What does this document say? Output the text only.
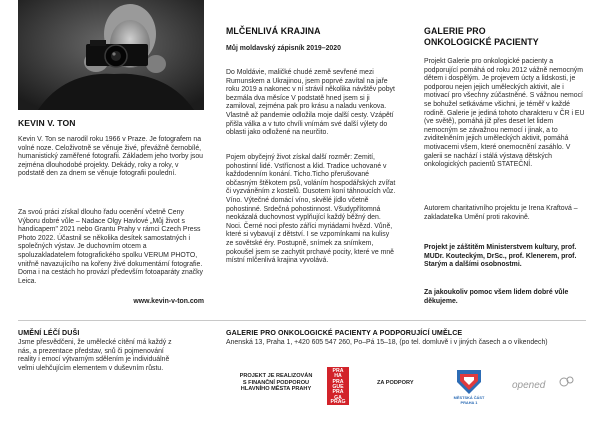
KEVIN V. TON

Kevin V. Ton se narodil roku 1966 v Praze. Je fotografem na volné noze. Celoživotně se věnuje živé, převážně černobílé, humanistický zaměřené fotografii. Základem jeho tvorby jsou zejména dlouhodobé projekty. Dekády, roky a roky, v podstatě den za dnem se věnuje fotografii poulední.

Za svoú práci získal dlouho řadu ocenění včetně Ceny Výboru dobré vůle – Nadace Olgy Havlové „Můj život s handicapem" 2021 nebo Grantu Prahy v rámci Czech Press Photo 2022. Účastnil se několika desítek samostatných i společných výstav. Je duchovním otcem a spoluzakladatelem fotografického spolku VERUM PHOTO, vnitřně navazujícího na kořeny živé dokumentární fotografie. Doma i na cestách ho provází především fotoaparáty značky Leica.

www.kevin-v-ton.com
MLČENLIVÁ KRAJINA
Můj moldavský zápisník 2019–2020

Do Moldávie, maličké chudé země sevřené mezi Rumunskem a Ukrajinou, jsem poprvé zavítal na jaře roku 2019 a nakonec v ní strávil několika návštěv pobyt bezmála dva měsíce V podstatě hned jsem si ji zamiloval, zejména pak pro krásu a naladu venkova. Vlastně až pandemie odložila moje další cesty. Vzápětí přišla válka a v tuto chvíli vnímám své další výlety do oblasti jako odložené na neurčito.

Pojem obyčejný život získal další rozměr: Zemití, pohostinní lidé. Vstřícnost a klid. Tradice uchované v každodenním konání. Ticho.Ticho přerušované občasným štěkotem psů, voláním hospodářských zvířat či vyzváněním z kostelů. Dusotem koní táhnoucích vůz. Víno. Výtečné domácí víno, skvělé jídlo včetně pohostinné. Srdečná pohostinnost. Všudypřítomná neokázalá duchovnost vyplňující každý běžný den. Noci. Černé noci přesto záříci myriádami hvězd. Vůně, které si vybavují z dětství. I se vzpomínkami na kulisy ze sovětské éry. Postupně, snímek za snímkem, pokoušel jsem se zachytit prchavé pocity, které ve mně místní mlčenlivá krajina vyvolává.

GALERIE PRO
ONKOLOGICKÉ PACIENTY

Projekt Galerie pro onkologické pacienty a podporující pomáhá od roku 2012 vážně nemocným dětem i dospělým. Je projevem úcty a lidskosti, je podporou nejen jejich uměleckých aktivit, ale i motivací pro všechny zúčastněné. S vážnou nemocí se bohužel setkáváme všichni, je téměř v každé rodině. Galerie je jediná tohoto charakteru v ČR i EU (ve světě), pomáhá již přes deset let lidem nemocným se závažnou nemocí i jinak, a to zviditelněním jejich uměleckých aktivit, pomáhá motivacemi všem, které onemocnění zasáhlo. V galerii se nachází i stálá výstava dětských onkologických pacientů STATEČNÍ.

Autorem charitativního projektu je Irena Kraftová – zakladatelka Umění proti rakovině.

Projekt je záštitěm Ministerstvem kultury, prof. MUDr. Kouteckým, DrSc., prof. Klenerem, prof. Starým a dalšími osobnostmi.

Za jakoukoliv pomoc všem lidem dobré vůle děkujeme.

UMĚNÍ LÉČÍ DUŠI

Jsme přesvědčeni, že umělecké cítění má každý z nás, a prezentace představ, snů či pojmenování reality i emocí výtvarným sdělením je individuálně velmi ulehčujícím elementem v duševním růstu.

GALERIE PRO ONKOLOGICKÉ PACIENTY A PODPORUJÍCÍ UMĚLCE
Anenská 13, Praha 1, +420 605 547 260, Po–Pá 15–18, (po tel. domluvě i v jiných časech a o víkendech)
PROJEKT JE REALIZOVÁN
S FINANČNÍ PODPOROU
HLAVNÍHO MĚSTA PRAHY
PRA
HA
PRA
GUE
PRA
GA
PRAG
ZA PODPORY
MĚSTSKÁ ČÁST
PRAHA 1
opened
